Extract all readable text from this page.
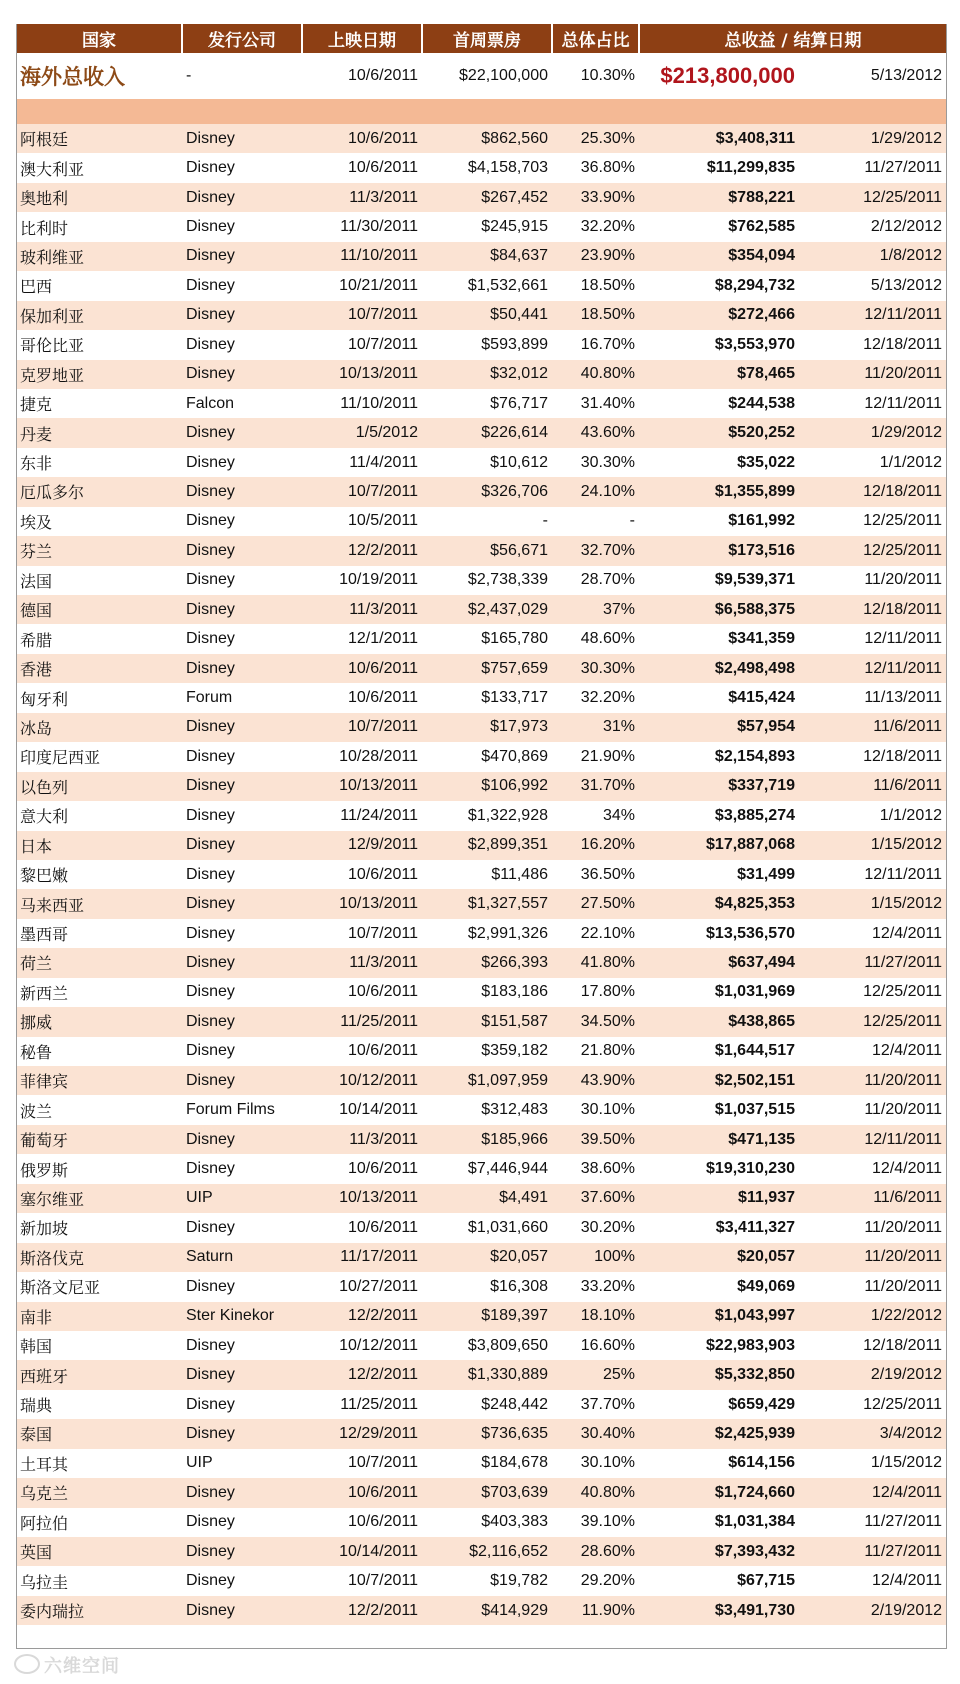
国家	发行公司	上映日期	首周票房	总体占比	总收益 / 结算日期	
海外总收入	-	10/6/2011	$22,100,000	10.30%	$213,800,000	5/13/2012

阿根廷	Disney	10/6/2011	$862,560	25.30%	$3,408,311	1/29/2012
澳大利亚	Disney	10/6/2011	$4,158,703	36.80%	$11,299,835	11/27/2011
奥地利	Disney	11/3/2011	$267,452	33.90%	$788,221	12/25/2011
比利时	Disney	11/30/2011	$245,915	32.20%	$762,585	2/12/2012
玻利维亚	Disney	11/10/2011	$84,637	23.90%	$354,094	1/8/2012
巴西	Disney	10/21/2011	$1,532,661	18.50%	$8,294,732	5/13/2012
保加利亚	Disney	10/7/2011	$50,441	18.50%	$272,466	12/11/2011
哥伦比亚	Disney	10/7/2011	$593,899	16.70%	$3,553,970	12/18/2011
克罗地亚	Disney	10/13/2011	$32,012	40.80%	$78,465	11/20/2011
捷克	Falcon	11/10/2011	$76,717	31.40%	$244,538	12/11/2011
丹麦	Disney	1/5/2012	$226,614	43.60%	$520,252	1/29/2012
东非	Disney	11/4/2011	$10,612	30.30%	$35,022	1/1/2012
厄瓜多尔	Disney	10/7/2011	$326,706	24.10%	$1,355,899	12/18/2011
埃及	Disney	10/5/2011	-	-	$161,992	12/25/2011
芬兰	Disney	12/2/2011	$56,671	32.70%	$173,516	12/25/2011
法国	Disney	10/19/2011	$2,738,339	28.70%	$9,539,371	11/20/2011
德国	Disney	11/3/2011	$2,437,029	37%	$6,588,375	12/18/2011
希腊	Disney	12/1/2011	$165,780	48.60%	$341,359	12/11/2011
香港	Disney	10/6/2011	$757,659	30.30%	$2,498,498	12/11/2011
匈牙利	Forum	10/6/2011	$133,717	32.20%	$415,424	11/13/2011
冰岛	Disney	10/7/2011	$17,973	31%	$57,954	11/6/2011
印度尼西亚	Disney	10/28/2011	$470,869	21.90%	$2,154,893	12/18/2011
以色列	Disney	10/13/2011	$106,992	31.70%	$337,719	11/6/2011
意大利	Disney	11/24/2011	$1,322,928	34%	$3,885,274	1/1/2012
日本	Disney	12/9/2011	$2,899,351	16.20%	$17,887,068	1/15/2012
黎巴嫩	Disney	10/6/2011	$11,486	36.50%	$31,499	12/11/2011
马来西亚	Disney	10/13/2011	$1,327,557	27.50%	$4,825,353	1/15/2012
墨西哥	Disney	10/7/2011	$2,991,326	22.10%	$13,536,570	12/4/2011
荷兰	Disney	11/3/2011	$266,393	41.80%	$637,494	11/27/2011
新西兰	Disney	10/6/2011	$183,186	17.80%	$1,031,969	12/25/2011
挪威	Disney	11/25/2011	$151,587	34.50%	$438,865	12/25/2011
秘鲁	Disney	10/6/2011	$359,182	21.80%	$1,644,517	12/4/2011
菲律宾	Disney	10/12/2011	$1,097,959	43.90%	$2,502,151	11/20/2011
波兰	Forum Films	10/14/2011	$312,483	30.10%	$1,037,515	11/20/2011
葡萄牙	Disney	11/3/2011	$185,966	39.50%	$471,135	12/11/2011
俄罗斯	Disney	10/6/2011	$7,446,944	38.60%	$19,310,230	12/4/2011
塞尔维亚	UIP	10/13/2011	$4,491	37.60%	$11,937	11/6/2011
新加坡	Disney	10/6/2011	$1,031,660	30.20%	$3,411,327	11/20/2011
斯洛伐克	Saturn	11/17/2011	$20,057	100%	$20,057	11/20/2011
斯洛文尼亚	Disney	10/27/2011	$16,308	33.20%	$49,069	11/20/2011
南非	Ster Kinekor	12/2/2011	$189,397	18.10%	$1,043,997	1/22/2012
韩国	Disney	10/12/2011	$3,809,650	16.60%	$22,983,903	12/18/2011
西班牙	Disney	12/2/2011	$1,330,889	25%	$5,332,850	2/19/2012
瑞典	Disney	11/25/2011	$248,442	37.70%	$659,429	12/25/2011
泰国	Disney	12/29/2011	$736,635	30.40%	$2,425,939	3/4/2012
土耳其	UIP	10/7/2011	$184,678	30.10%	$614,156	1/15/2012
乌克兰	Disney	10/6/2011	$703,639	40.80%	$1,724,660	12/4/2011
阿拉伯	Disney	10/6/2011	$403,383	39.10%	$1,031,384	11/27/2011
英国	Disney	10/14/2011	$2,116,652	28.60%	$7,393,432	11/27/2011
乌拉圭	Disney	10/7/2011	$19,782	29.20%	$67,715	12/4/2011
委内瑞拉	Disney	12/2/2011	$414,929	11.90%	$3,491,730	2/19/2012
六维空间
